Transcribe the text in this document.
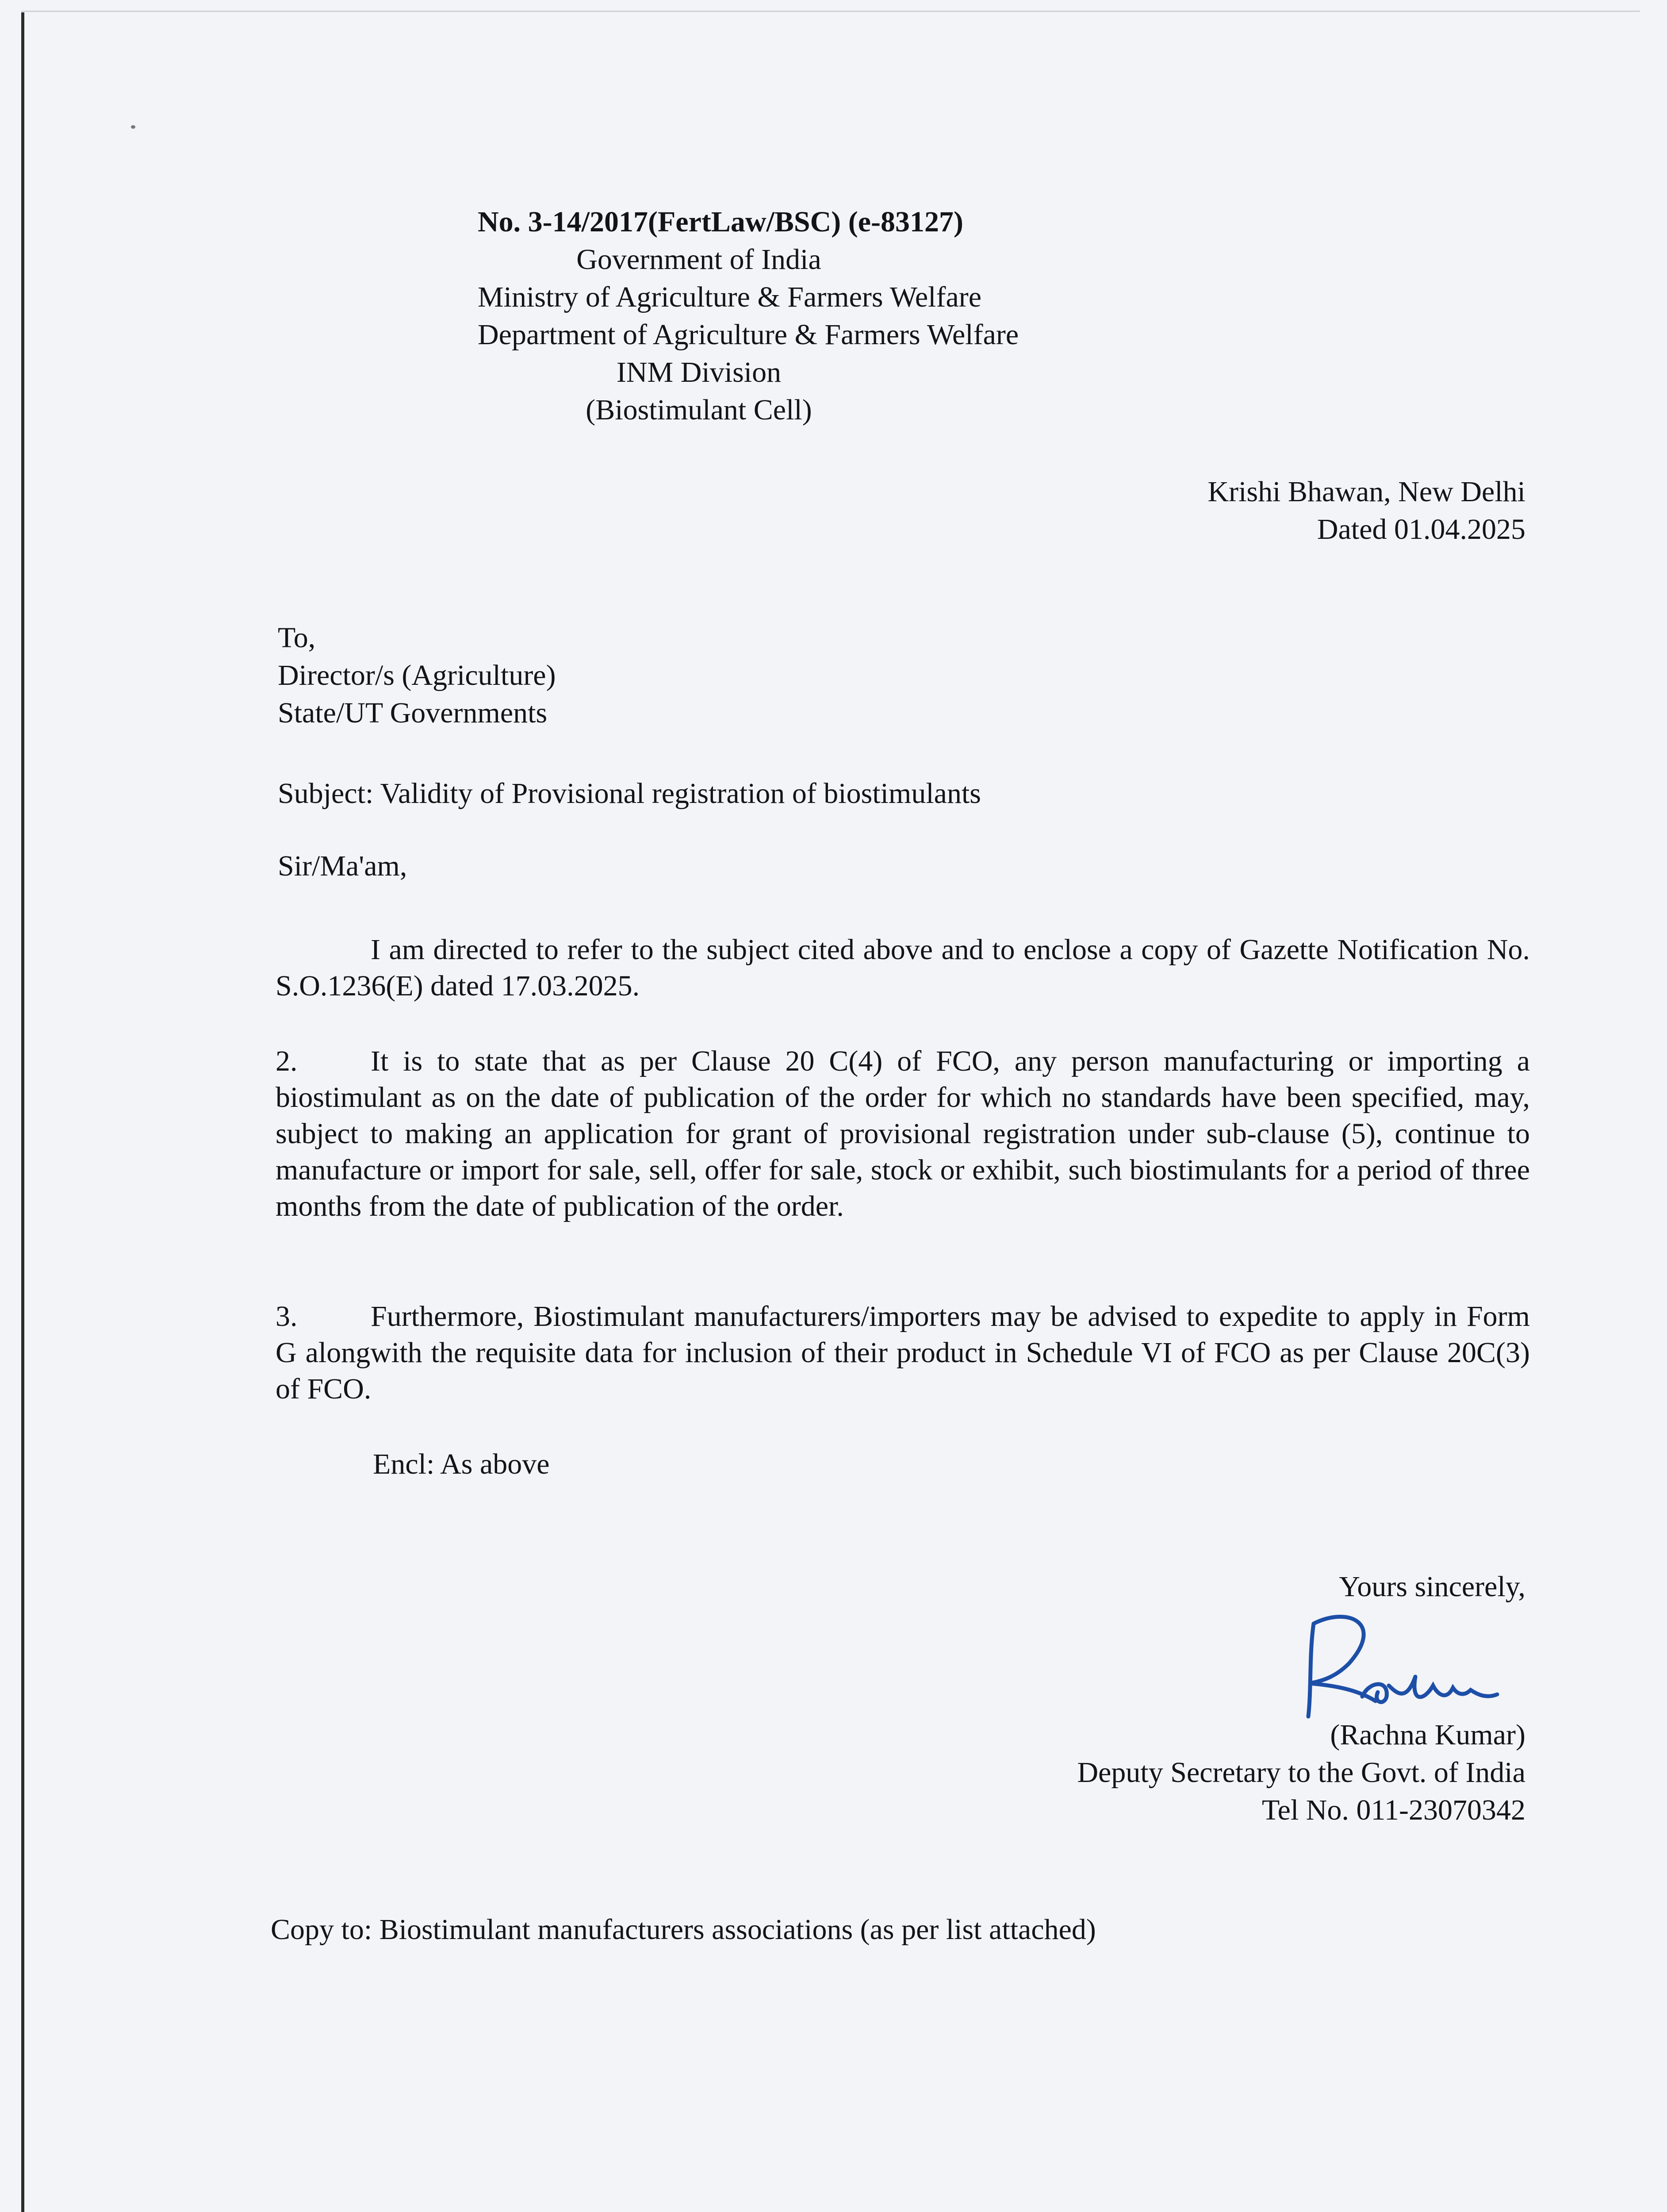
No. 3-14/2017(FertLaw/BSC) (e-83127)
Government of India
Ministry of Agriculture & Farmers Welfare
Department of Agriculture & Farmers Welfare
INM Division
(Biostimulant Cell)
Krishi Bhawan, New Delhi
Dated 01.04.2025
To,
Director/s (Agriculture)
State/UT Governments
Subject: Validity of Provisional registration of biostimulants
Sir/Ma'am,
I am directed to refer to the subject cited above and to enclose a copy of Gazette Notification No. S.O.1236(E) dated 17.03.2025.
2.	It is to state that as per Clause 20 C(4) of FCO, any person manufacturing or importing a biostimulant as on the date of publication of the order for which no standards have been specified, may, subject to making an application for grant of provisional registration under sub-clause (5), continue to manufacture or import for sale, sell, offer for sale, stock or exhibit, such biostimulants for a period of three months from the date of publication of the order.
3.	Furthermore, Biostimulant manufacturers/importers may be advised to expedite to apply in Form G alongwith the requisite data for inclusion of their product in Schedule VI of FCO as per Clause 20C(3) of FCO.
Encl: As above
Yours sincerely,
(Rachna Kumar)
Deputy Secretary to the Govt. of India
Tel No. 011-23070342
Copy to: Biostimulant manufacturers associations (as per list attached)
